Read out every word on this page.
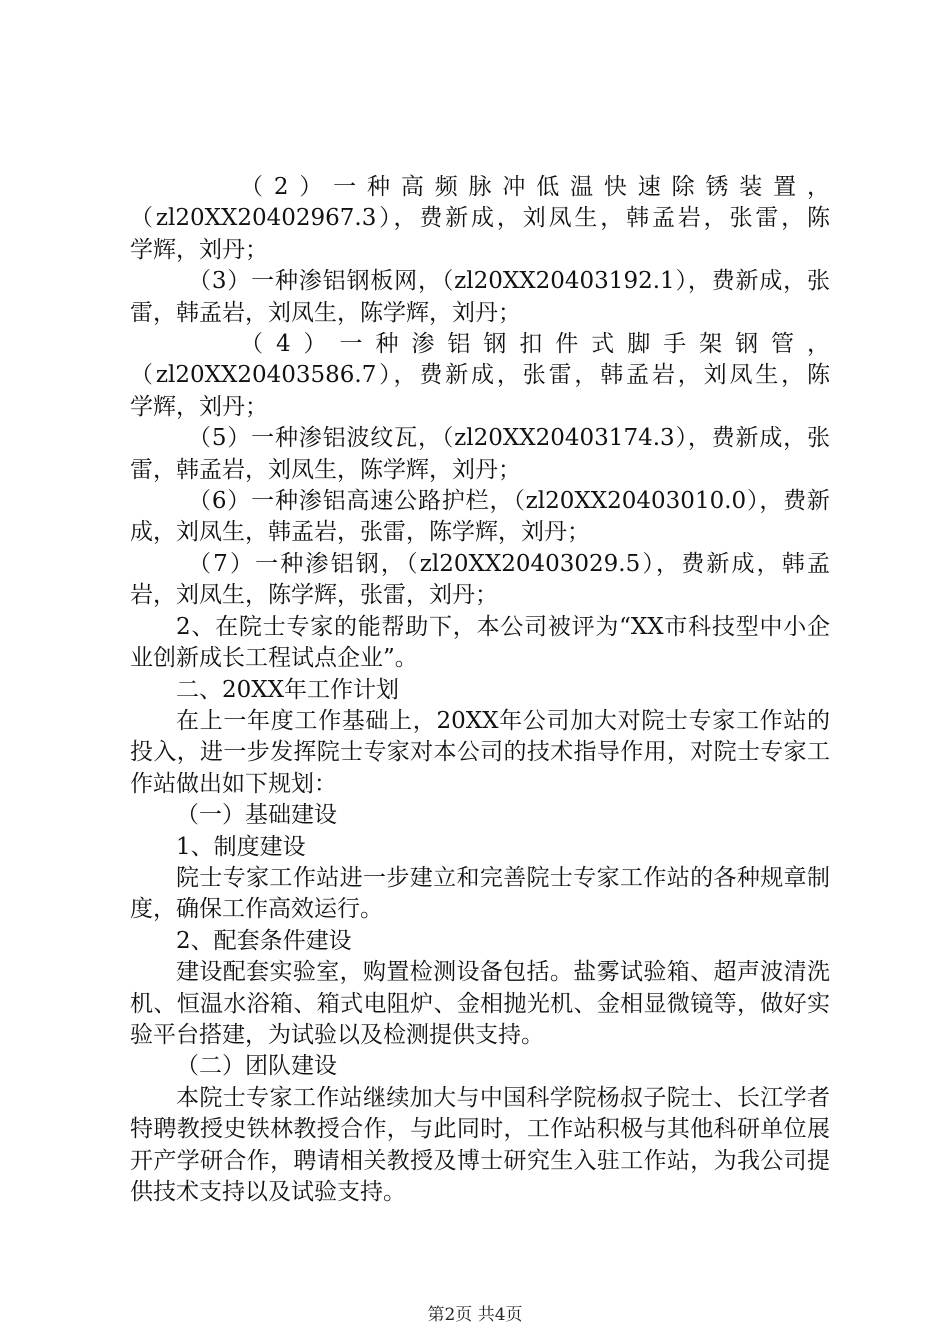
（2）一种高频脉冲低温快速除锈装置，
（zl20XX20402967.3），费新成，刘凤生，韩孟岩，张雷，陈
学辉，刘丹；

（3）一种渗铝钢板网，（zl20XX20403192.1），费新成，张雷，韩孟岩，刘凤生，陈学辉，刘丹；

（4）一种渗铝钢扣件式脚手架钢管，
（zl20XX20403586.7），费新成，张雷，韩孟岩，刘凤生，陈
学辉，刘丹；

（5）一种渗铝波纹瓦，（zl20XX20403174.3），费新成，张雷，韩孟岩，刘凤生，陈学辉，刘丹；

（6）一种渗铝高速公路护栏，（zl20XX20403010.0），费新成，刘凤生，韩孟岩，张雷，陈学辉，刘丹；

（7）一种渗铝钢，（zl20XX20403029.5），费新成，韩孟岩，刘凤生，陈学辉，张雷，刘丹；

2、在院士专家的能帮助下，本公司被评为“XX市科技型中小企业创新成长工程试点企业”。

二、20XX年工作计划

在上一年度工作基础上，20XX年公司加大对院士专家工作站的投入，进一步发挥院士专家对本公司的技术指导作用，对院士专家工作站做出如下规划：

（一）基础建设

1、制度建设

院士专家工作站进一步建立和完善院士专家工作站的各种规章制度，确保工作高效运行。

2、配套条件建设

建设配套实验室，购置检测设备包括。盐雾试验箱、超声波清洗机、恒温水浴箱、箱式电阻炉、金相抛光机、金相显微镜等，做好实验平台搭建，为试验以及检测提供支持。

（二）团队建设

本院士专家工作站继续加大与中国科学院杨叔子院士、长江学者特聘教授史铁林教授合作，与此同时，工作站积极与其他科研单位展开产学研合作，聘请相关教授及博士研究生入驻工作站，为我公司提供技术支持以及试验支持。

第2页 共4页
